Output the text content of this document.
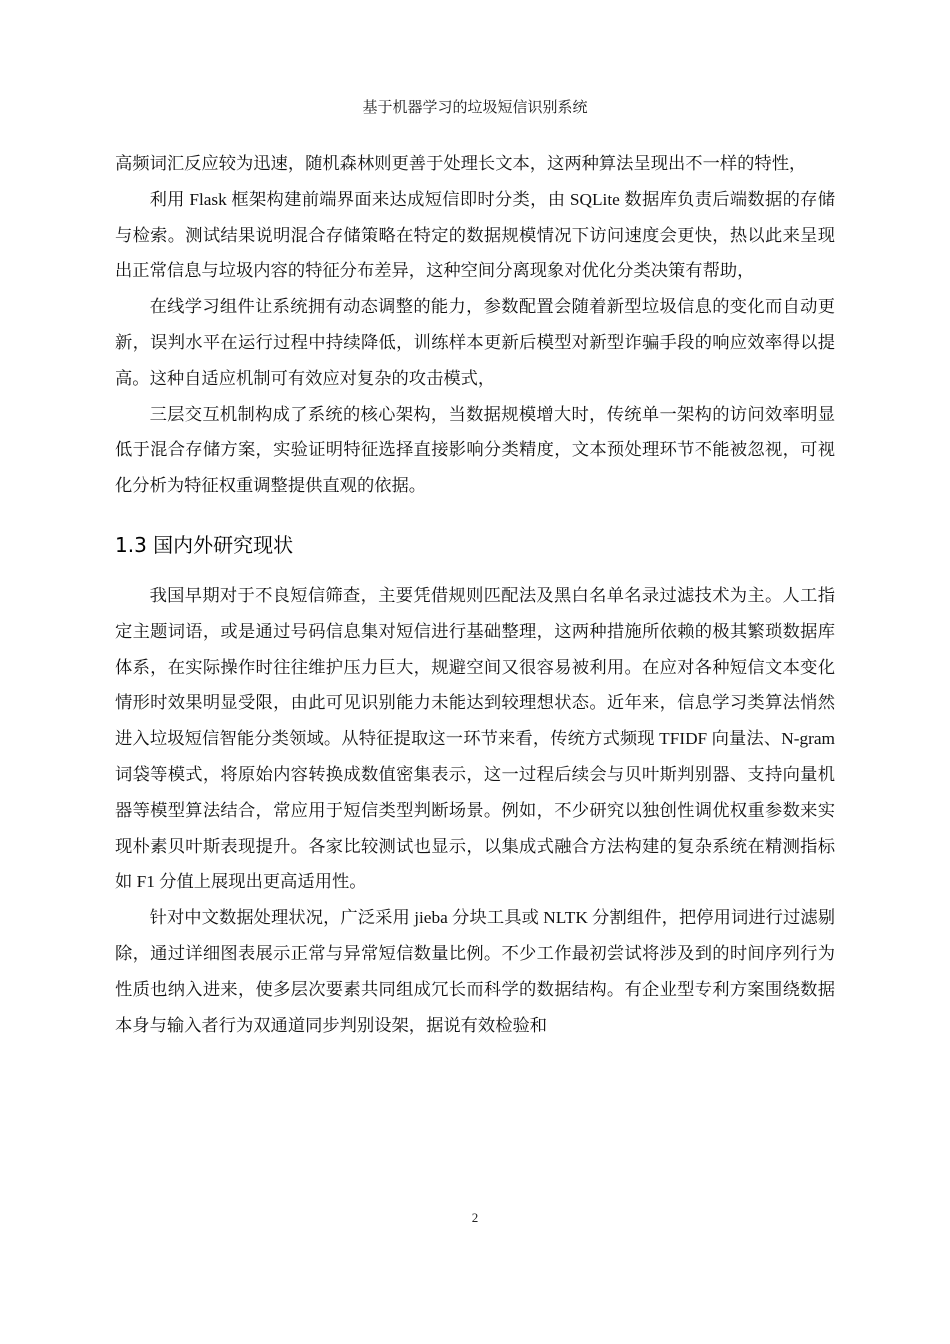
基于机器学习的垃圾短信识别系统

高频词汇反应较为迅速，随机森林则更善于处理长文本，这两种算法呈现出不一样的特性，

利用 Flask 框架构建前端界面来达成短信即时分类，由 SQLite 数据库负责后端数据的存储与检索。测试结果说明混合存储策略在特定的数据规模情况下访问速度会更快，热以此来呈现出正常信息与垃圾内容的特征分布差异，这种空间分离现象对优化分类决策有帮助，

在线学习组件让系统拥有动态调整的能力，参数配置会随着新型垃圾信息的变化而自动更新，误判水平在运行过程中持续降低，训练样本更新后模型对新型诈骗手段的响应效率得以提高。这种自适应机制可有效应对复杂的攻击模式，

三层交互机制构成了系统的核心架构，当数据规模增大时，传统单一架构的访问效率明显低于混合存储方案，实验证明特征选择直接影响分类精度，文本预处理环节不能被忽视，可视化分析为特征权重调整提供直观的依据。

1.3 国内外研究现状

我国早期对于不良短信筛查，主要凭借规则匹配法及黑白名单名录过滤技术为主。人工指定主题词语，或是通过号码信息集对短信进行基础整理，这两种措施所依赖的极其繁琐数据库体系，在实际操作时往往维护压力巨大，规避空间又很容易被利用。在应对各种短信文本变化情形时效果明显受限，由此可见识别能力未能达到较理想状态。近年来，信息学习类算法悄然进入垃圾短信智能分类领域。从特征提取这一环节来看，传统方式频现 TFIDF 向量法、N-gram 词袋等模式，将原始内容转换成数值密集表示，这一过程后续会与贝叶斯判别器、支持向量机器等模型算法结合，常应用于短信类型判断场景。例如，不少研究以独创性调优权重参数来实现朴素贝叶斯表现提升。各家比较测试也显示，以集成式融合方法构建的复杂系统在精测指标如 F1 分值上展现出更高适用性。

针对中文数据处理状况，广泛采用 jieba 分块工具或 NLTK 分割组件，把停用词进行过滤剔除，通过详细图表展示正常与异常短信数量比例。不少工作最初尝试将涉及到的时间序列行为性质也纳入进来，使多层次要素共同组成冗长而科学的数据结构。有企业型专利方案围绕数据本身与输入者行为双通道同步判别设架，据说有效检验和

2
